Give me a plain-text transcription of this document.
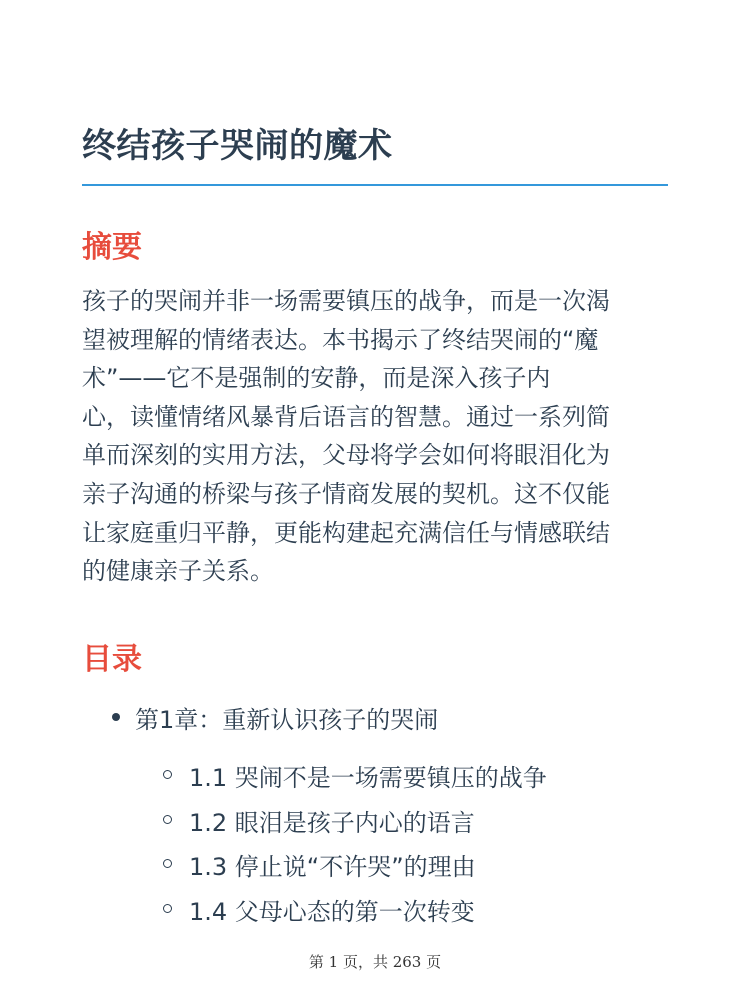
终结孩子哭闹的魔术
摘要
孩子的哭闹并非一场需要镇压的战争，而是一次渴
望被理解的情绪表达。本书揭示了终结哭闹的“魔
术”——它不是强制的安静，而是深入孩子内
心，读懂情绪风暴背后语言的智慧。通过一系列简
单而深刻的实用方法，父母将学会如何将眼泪化为
亲子沟通的桥梁与孩子情商发展的契机。这不仅能
让家庭重归平静，更能构建起充满信任与情感联结
的健康亲子关系。
目录
第1章：重新认识孩子的哭闹
1.1 哭闹不是一场需要镇压的战争
1.2 眼泪是孩子内心的语言
1.3 停止说“不许哭”的理由
1.4 父母心态的第一次转变
第 1 页，共 263 页
